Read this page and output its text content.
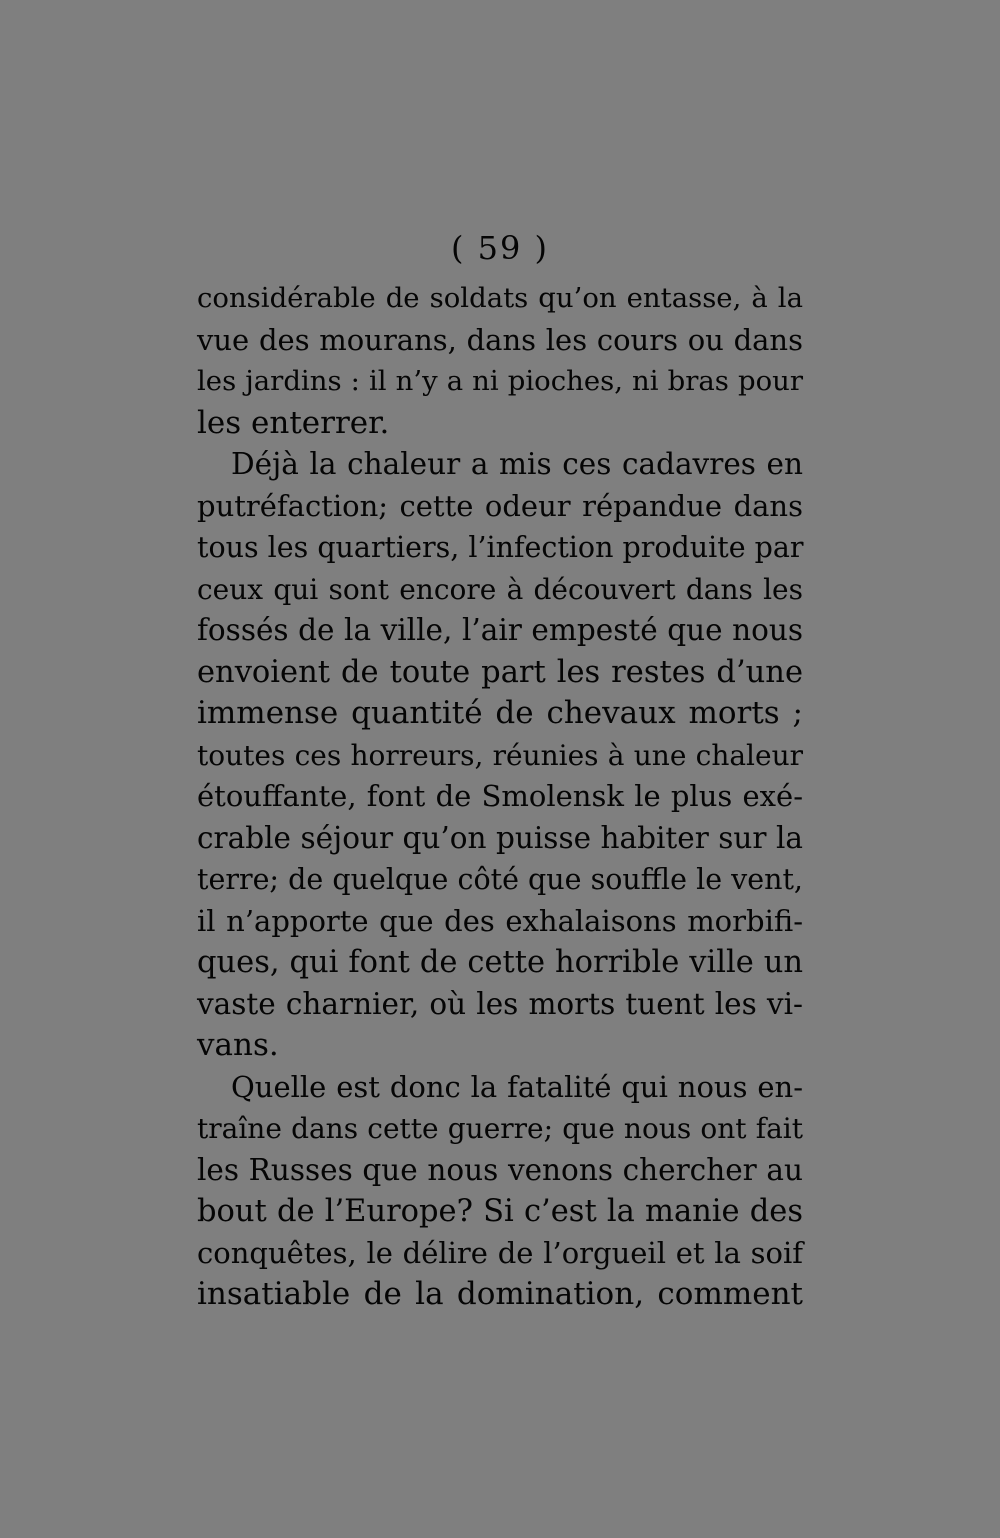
( 59 )
considérable de soldats qu’on entasse, à la
vue des mourans, dans les cours ou dans
les jardins : il n’y a ni pioches, ni bras pour
les enterrer.
Déjà la chaleur a mis ces cadavres en
putréfaction; cette odeur répandue dans
tous les quartiers, l’infection produite par
ceux qui sont encore à découvert dans les
fossés de la ville, l’air empesté que nous
envoient de toute part les restes d’une
immense quantité de chevaux morts ;
toutes ces horreurs, réunies à une chaleur
étouffante, font de Smolensk le plus exé-
crable séjour qu’on puisse habiter sur la
terre; de quelque côté que souffle le vent,
il n’apporte que des exhalaisons morbifi-
ques, qui font de cette horrible ville un
vaste charnier, où les morts tuent les vi-
vans.
Quelle est donc la fatalité qui nous en-
traîne dans cette guerre; que nous ont fait
les Russes que nous venons chercher au
bout de l’Europe? Si c’est la manie des
conquêtes, le délire de l’orgueil et la soif
insatiable de la domination, comment
